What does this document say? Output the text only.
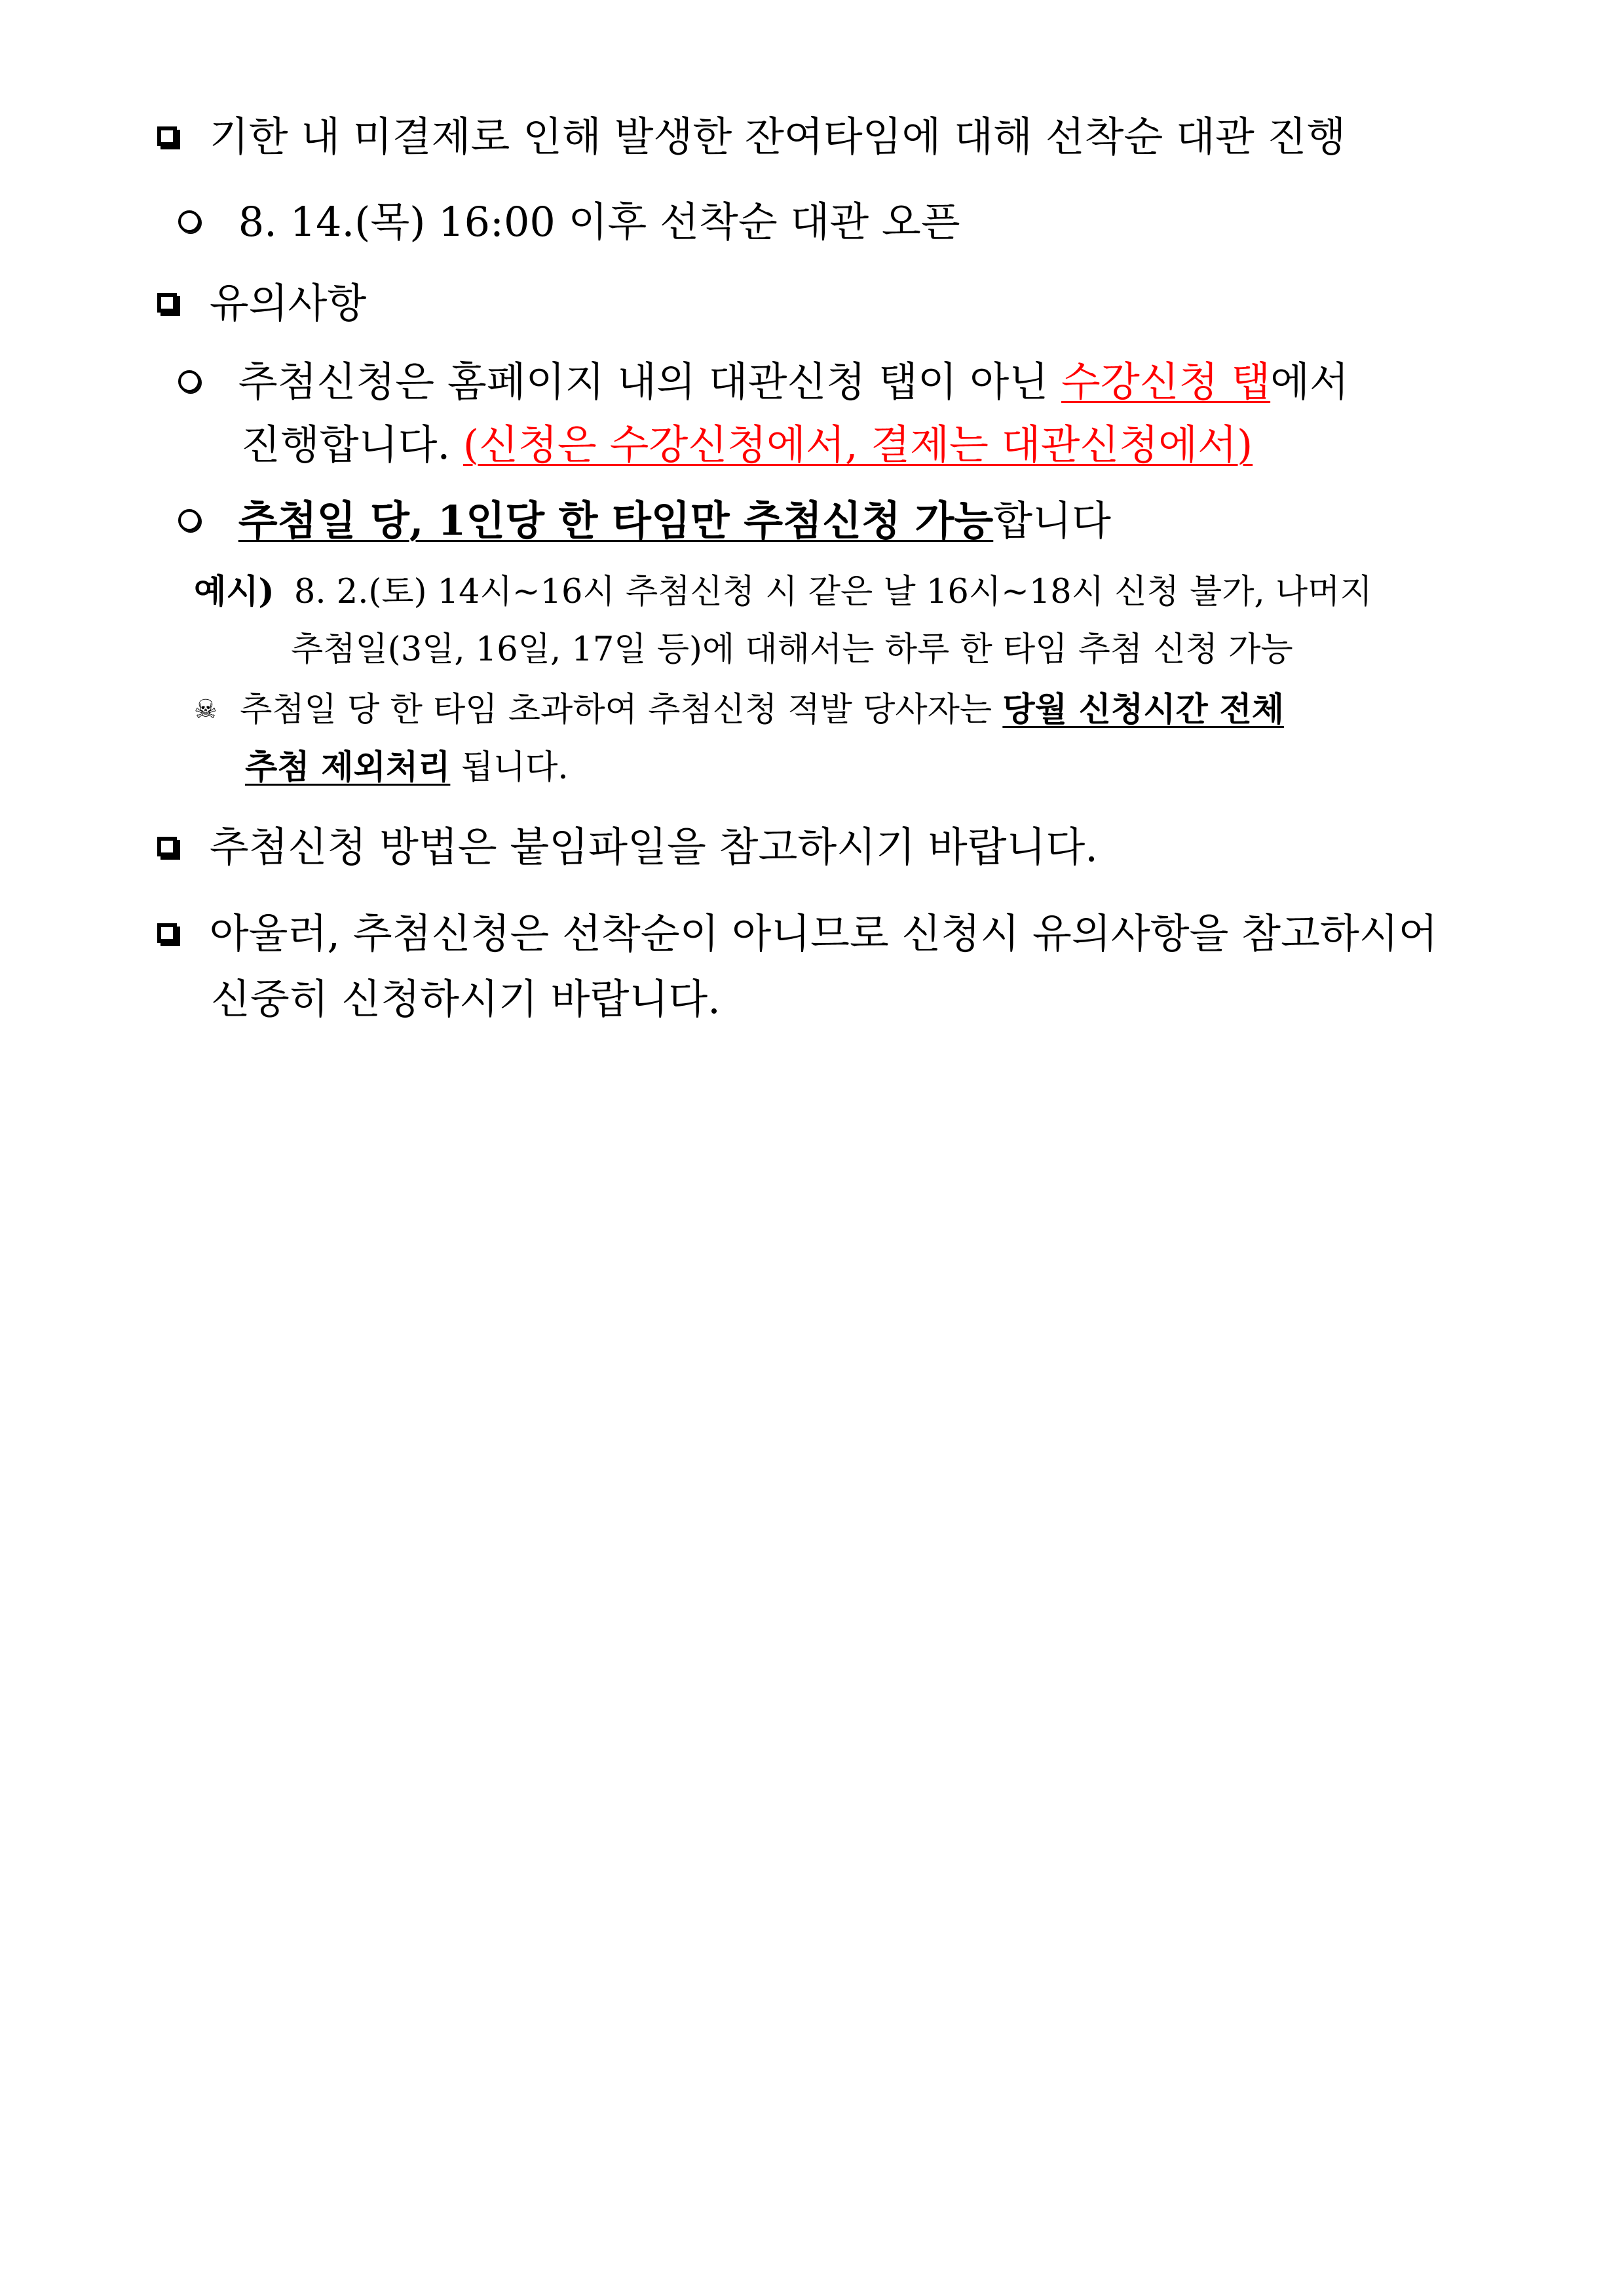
기한 내 미결제로 인해 발생한 잔여타임에 대해 선착순 대관 진행
8. 14.(목) 16:00 이후 선착순 대관 오픈
유의사항
추첨신청은 홈페이지 내의 대관신청 탭이 아닌 수강신청 탭에서
진행합니다. (신청은 수강신청에서, 결제는 대관신청에서)
추첨일 당, 1인당 한 타임만 추첨신청 가능합니다
예시) 8. 2.(토) 14시~16시 추첨신청 시 같은 날 16시~18시 신청 불가, 나머지
추첨일(3일, 16일, 17일 등)에 대해서는 하루 한 타임 추첨 신청 가능
☠ 추첨일 당 한 타임 초과하여 추첨신청 적발 당사자는 당월 신청시간 전체
추첨 제외처리 됩니다.
추첨신청 방법은 붙임파일을 참고하시기 바랍니다.
아울러, 추첨신청은 선착순이 아니므로 신청시 유의사항을 참고하시어
신중히 신청하시기 바랍니다.
